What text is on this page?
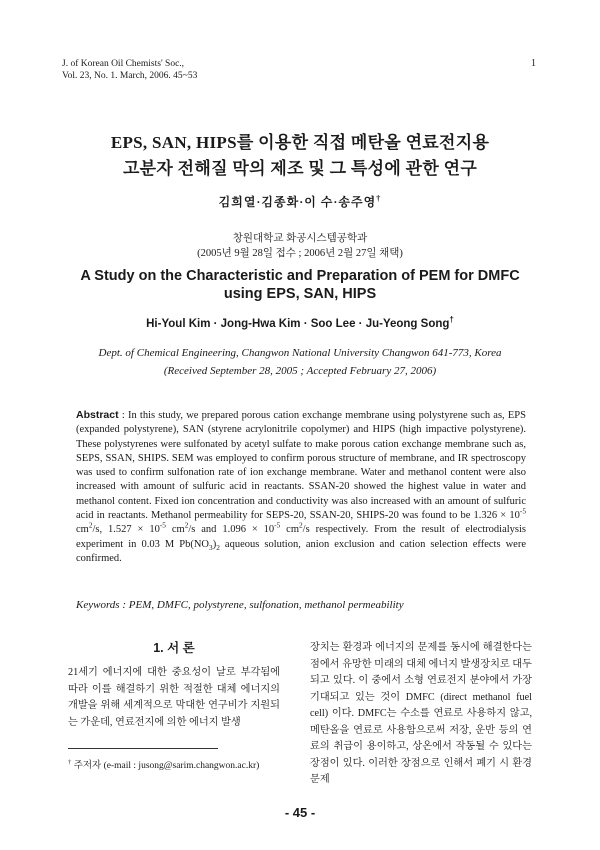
J. of Korean Oil Chemists' Soc.,
Vol. 23, No. 1. March, 2006. 45~53
1
EPS, SAN, HIPS를 이용한 직접 메탄올 연료전지용
고분자 전해질 막의 제조 및 그 특성에 관한 연구
김희열·김종화·이 수·송주영†
창원대학교 화공시스템공학과
(2005년 9월 28일 접수 ; 2006년 2월 27일 채택)
A Study on the Characteristic and Preparation of PEM for DMFC
using EPS, SAN, HIPS
Hi-Youl Kim · Jong-Hwa Kim · Soo Lee · Ju-Yeong Song†
Dept. of Chemical Engineering, Changwon National University Changwon 641-773, Korea
(Received September 28, 2005 ; Accepted February 27, 2006)
Abstract : In this study, we prepared porous cation exchange membrane using polystyrene such as, EPS (expanded polystyrene), SAN (styrene acrylonitrile copolymer) and HIPS (high impactive polystyrene). These polystyrenes were sulfonated by acetyl sulfate to make porous cation exchange membrane such as, SEPS, SSAN, SHIPS. SEM was employed to confirm porous structure of membrane, and IR spectroscopy was used to confirm sulfonation rate of ion exchange membrane. Water and methanol content were also increased with amount of sulfuric acid in reactants. SSAN-20 showed the highest value in water and methanol content. Fixed ion concentration and conductivity was also increased with an amount of sulfuric acid in reactants. Methanol permeability for SEPS-20, SSAN-20, SHIPS-20 was found to be $1.326 \times 10^{-5}$ $cm^2/s$, $1.527 \times 10^{-5}$ $cm^2/s$ and $1.096 \times 10^{-5}$ $cm^2/s$ respectively. From the result of electrodialysis experiment in 0.03 M $Pb(NO_3)_2$ aqueous solution, anion exclusion and cation selection effects were confirmed.
Keywords : PEM, DMFC, polystyrene, sulfonation, methanol permeability
1. 서 론
21세기 에너지에 대한 중요성이 날로 부각됨에 따라 이를 해결하기 위한 적절한 대체 에너지의 개발을 위해 세계적으로 막대한 연구비가 지원되는 가운데, 연료전지에 의한 에너지 발생
장치는 환경과 에너지의 문제를 동시에 해결한다는 점에서 유망한 미래의 대체 에너지 발생장치로 대두되고 있다. 이 중에서 소형 연료전지 분야에서 가장 기대되고 있는 것이 DMFC (direct methanol fuel cell) 이다. DMFC는 수소를 연료로 사용하지 않고, 메탄올을 연료로 사용함으로써 저장, 운반 등의 연료의 취급이 용이하고, 상온에서 작동될 수 있다는 장점이 있다. 이러한 장점으로 인해서 폐기 시 환경문제
† 주저자 (e-mail : jusong@sarim.changwon.ac.kr)
- 45 -
